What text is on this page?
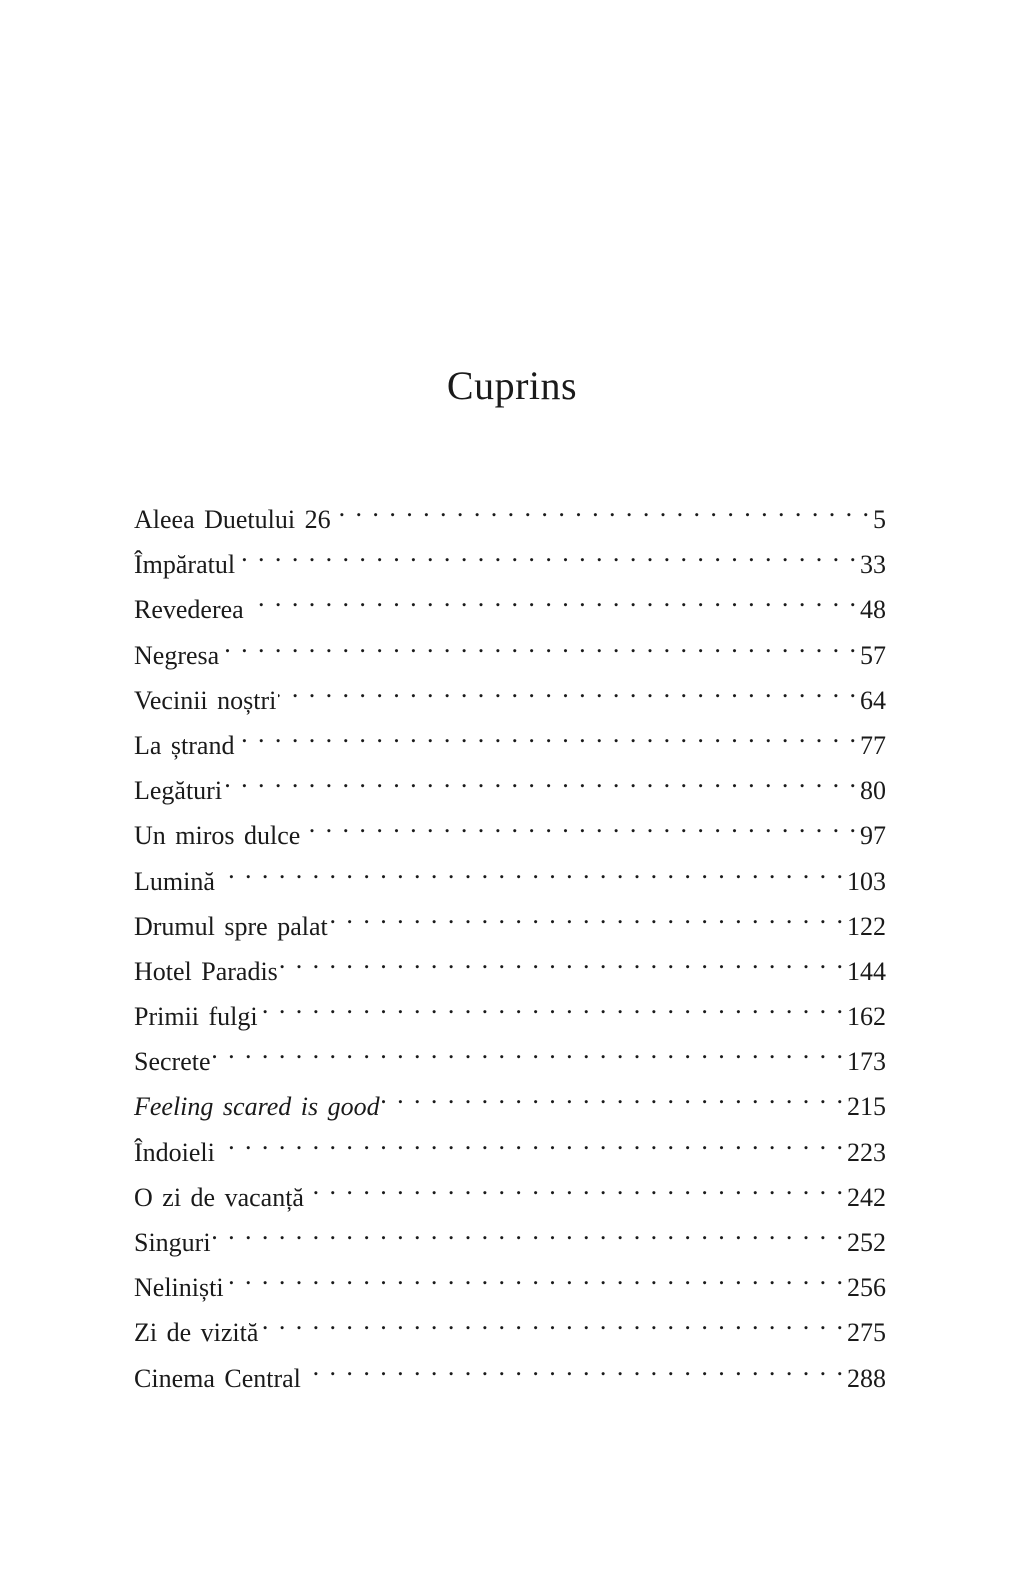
Cuprins
Aleea Duetului 26 . . .	5
Împăratul . . .	33
Revederea . . .	48
Negresa . . .	57
Vecinii noștri . . .	64
La ștrand . . .	77
Legături . . .	80
Un miros dulce . . .	97
Lumină . . .	103
Drumul spre palat . . .	122
Hotel Paradis . . .	144
Primii fulgi . . .	162
Secrete . . .	173
Feeling scared is good . . .	215
Îndoieli . . .	223
O zi de vacanță . . .	242
Singuri . . .	252
Neliniști . . .	256
Zi de vizită . . .	275
Cinema Central . . .	288
